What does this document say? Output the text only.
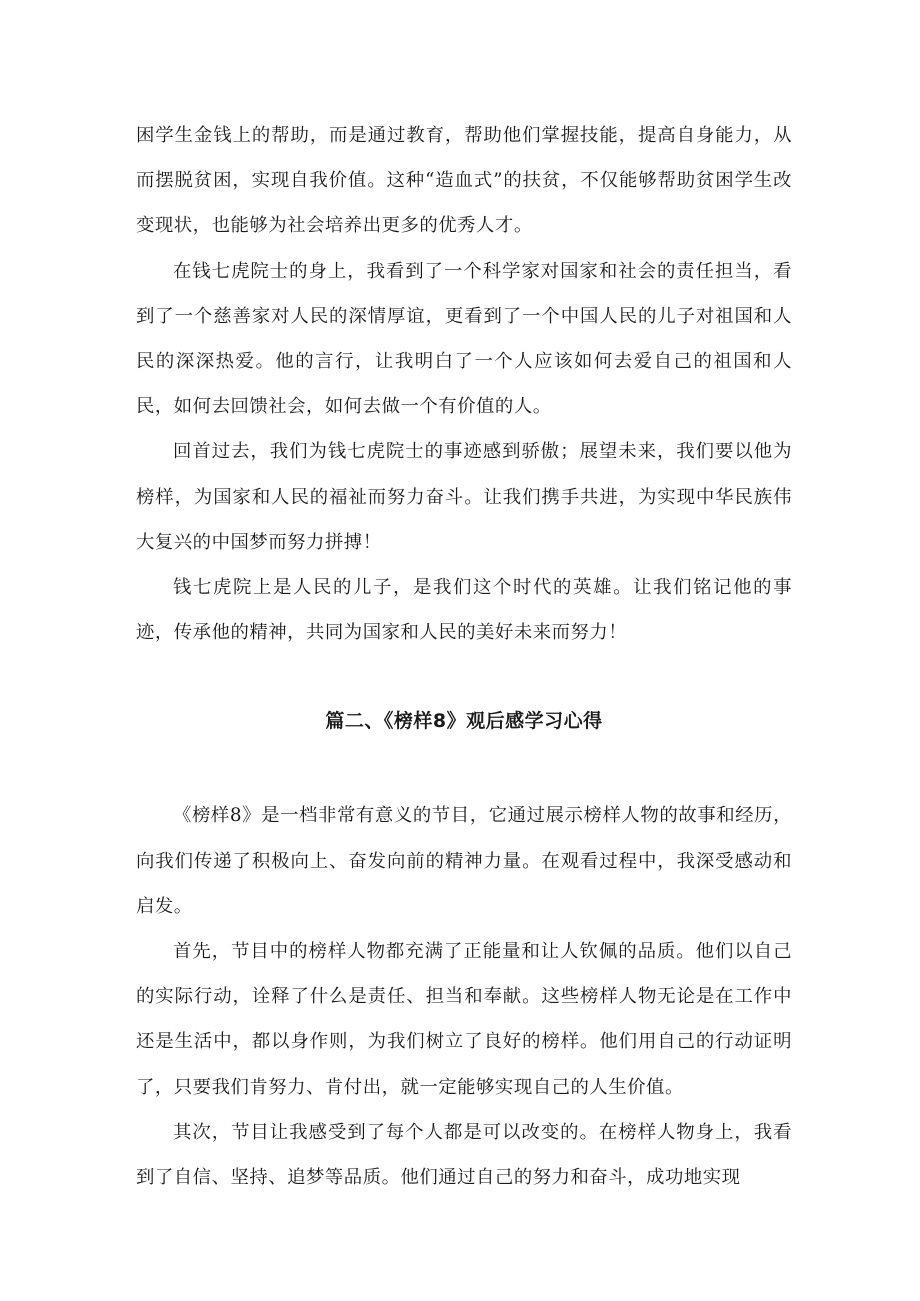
困学生金钱上的帮助，而是通过教育，帮助他们掌握技能，提高自身能力，从而摆脱贫困，实现自我价值。这种“造血式”的扶贫，不仅能够帮助贫困学生改变现状，也能够为社会培养出更多的优秀人才。

在钱七虎院士的身上，我看到了一个科学家对国家和社会的责任担当，看到了一个慈善家对人民的深情厚谊，更看到了一个中国人民的儿子对祖国和人民的深深热爱。他的言行，让我明白了一个人应该如何去爱自己的祖国和人民，如何去回馈社会，如何去做一个有价值的人。

回首过去，我们为钱七虎院士的事迹感到骄傲；展望未来，我们要以他为榜样，为国家和人民的福祉而努力奋斗。让我们携手共进，为实现中华民族伟大复兴的中国梦而努力拼搏！

钱七虎院上是人民的儿子，是我们这个时代的英雄。让我们铭记他的事迹，传承他的精神，共同为国家和人民的美好未来而努力！

篇二、《榜样8》观后感学习心得

《榜样8》是一档非常有意义的节目，它通过展示榜样人物的故事和经历，向我们传递了积极向上、奋发向前的精神力量。在观看过程中，我深受感动和启发。

首先，节目中的榜样人物都充满了正能量和让人钦佩的品质。他们以自己的实际行动，诠释了什么是责任、担当和奉献。这些榜样人物无论是在工作中还是生活中，都以身作则，为我们树立了良好的榜样。他们用自己的行动证明了，只要我们肯努力、肯付出，就一定能够实现自己的人生价值。

其次，节目让我感受到了每个人都是可以改变的。在榜样人物身上，我看到了自信、坚持、追梦等品质。他们通过自己的努力和奋斗，成功地实现
